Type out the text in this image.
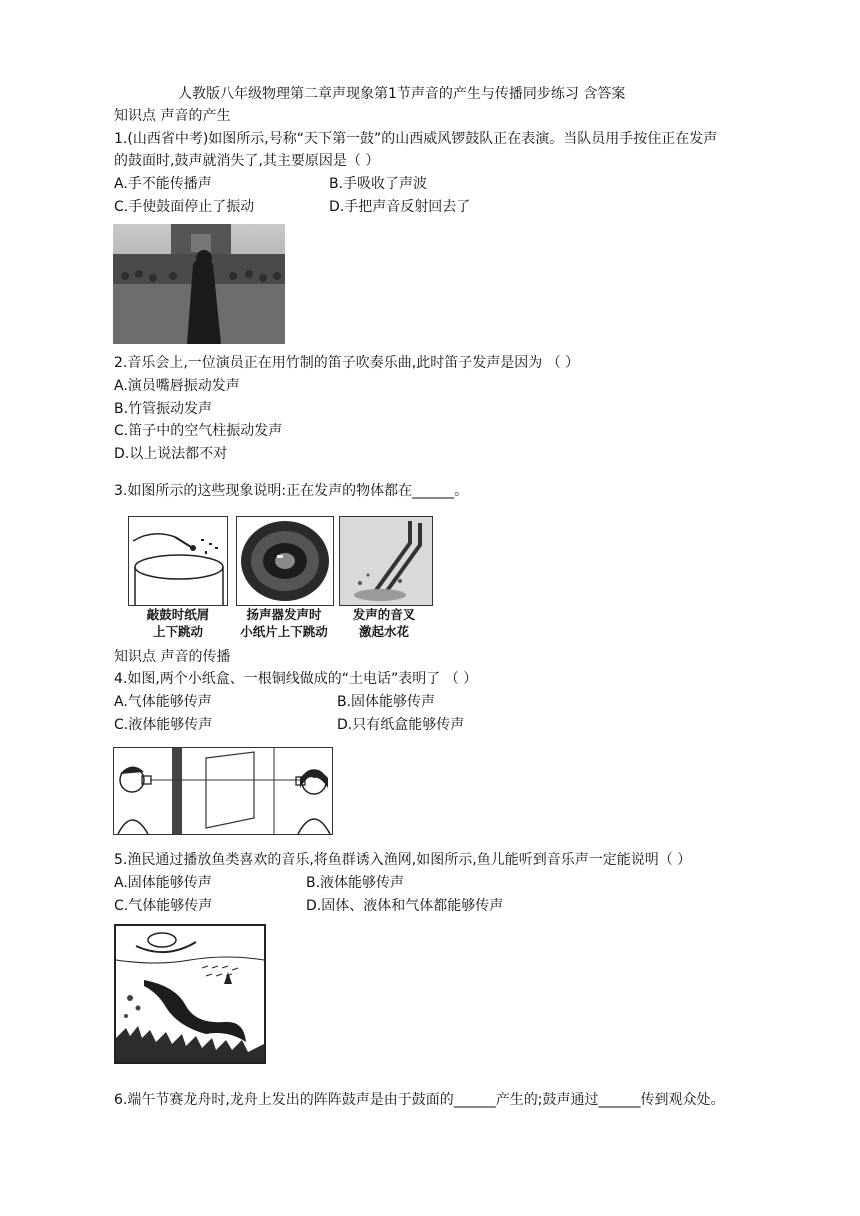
人教版八年级物理第二章声现象第1节声音的产生与传播同步练习 含答案
知识点 声音的产生
1.(山西省中考)如图所示,号称“天下第一鼓”的山西威风锣鼓队正在表演。当队员用手按住正在发声
的鼓面时,鼓声就消失了,其主要原因是（ ）
A.手不能传播声	B.手吸收了声波
C.手使鼓面停止了振动	D.手把声音反射回去了
2.音乐会上,一位演员正在用竹制的笛子吹奏乐曲,此时笛子发声是因为 （ ）
A.演员嘴唇振动发声
B.竹管振动发声
C.笛子中的空气柱振动发声
D.以上说法都不对
3.如图所示的这些现象说明:正在发声的物体都在______。
敲鼓时纸屑
上下跳动
扬声器发声时
小纸片上下跳动
发声的音叉
激起水花
知识点 声音的传播
4.如图,两个小纸盒、一根铜线做成的“土电话”表明了 （ ）
A.气体能够传声	B.固体能够传声
C.液体能够传声	D.只有纸盒能够传声
5.渔民通过播放鱼类喜欢的音乐,将鱼群诱入渔网,如图所示,鱼儿能听到音乐声一定能说明（ ）
A.固体能够传声	B.液体能够传声
C.气体能够传声	D.固体、液体和气体都能够传声
6.端午节赛龙舟时,龙舟上发出的阵阵鼓声是由于鼓面的______产生的;鼓声通过______传到观众处。
